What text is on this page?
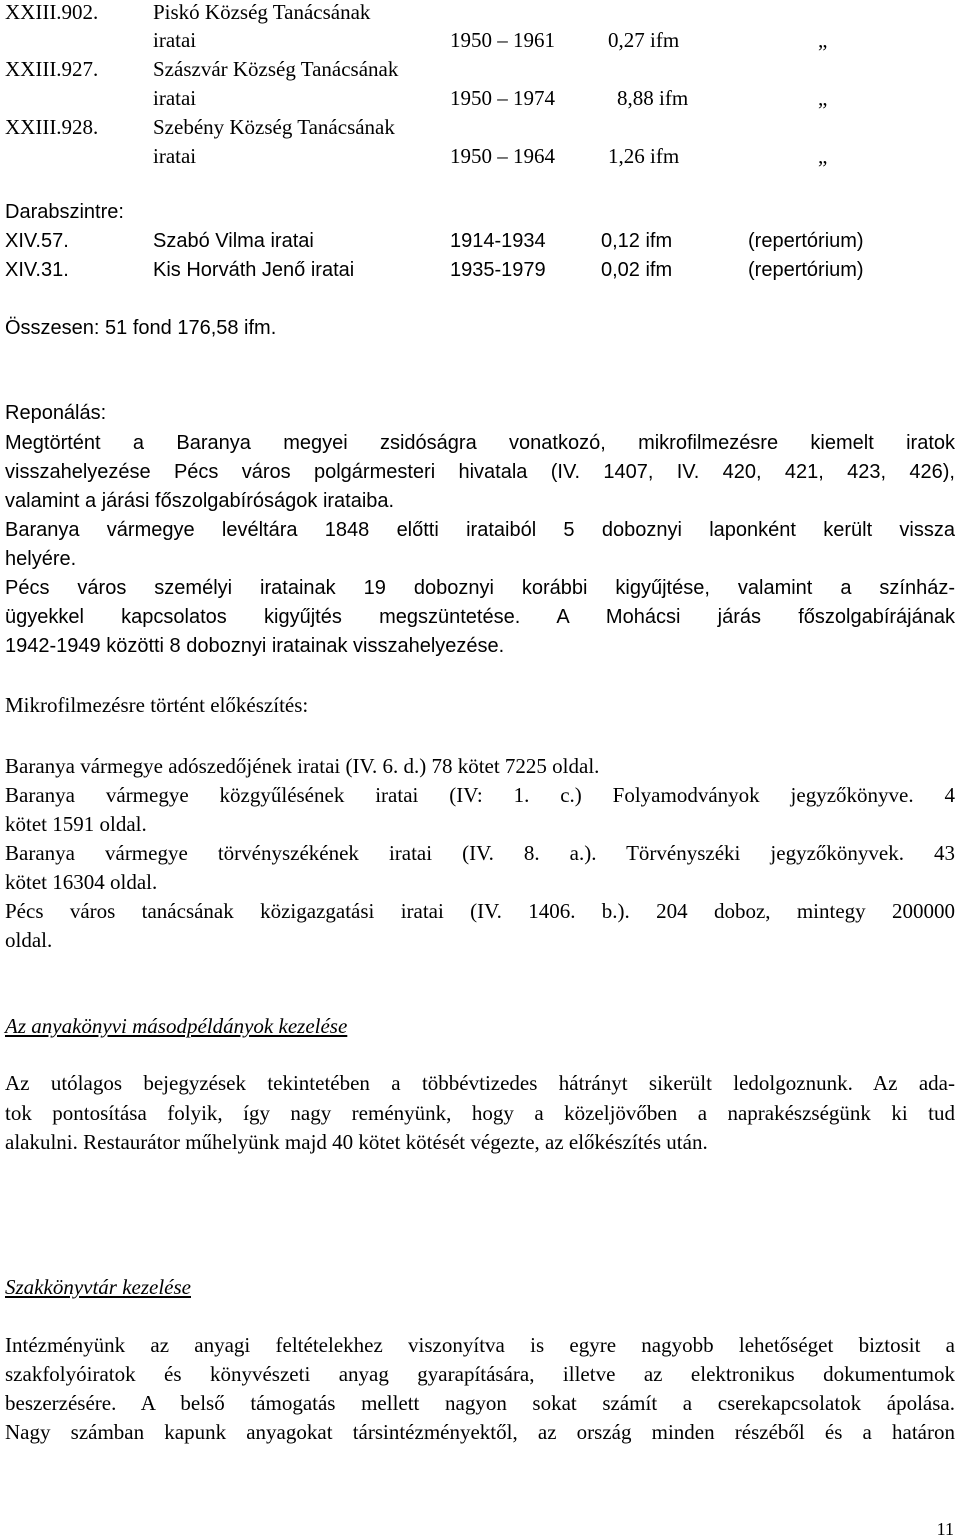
XXIII.902.	Piskó Község Tanácsának
iratai	1950 – 1961	0,27 ifm	„
XXIII.927.	Szászvár Község Tanácsának
iratai	1950 – 1974	8,88 ifm	„
XXIII.928.	Szebény Község Tanácsának
iratai	1950 – 1964	1,26 ifm	„
Darabszintre:
XIV.57.	Szabó Vilma iratai	1914-1934	0,12 ifm	(repertórium)
XIV.31.	Kis Horváth Jenő iratai	1935-1979	0,02 ifm	(repertórium)
Összesen: 51 fond 176,58 ifm.
Reponálás:
Megtörtént a Baranya megyei zsidóságra vonatkozó, mikrofilmezésre kiemelt iratok
visszahelyezése Pécs város polgármesteri hivatala (IV. 1407, IV. 420, 421, 423, 426),
valamint a járási főszolgabíróságok irataiba.
Baranya vármegye levéltára 1848 előtti irataiból 5 doboznyi laponként került vissza
helyére.
Pécs város személyi iratainak 19 doboznyi korábbi kigyűjtése, valamint a színház-
ügyekkel kapcsolatos kigyűjtés megszüntetése. A Mohácsi járás főszolgabírájának
1942-1949 közötti 8 doboznyi iratainak visszahelyezése.
Mikrofilmezésre történt előkészítés:
Baranya vármegye adószedőjének iratai (IV. 6. d.) 78 kötet 7225 oldal.
Baranya vármegye közgyűlésének iratai (IV: 1. c.) Folyamodványok jegyzőkönyve. 4
kötet 1591 oldal.
Baranya vármegye törvényszékének iratai (IV. 8. a.). Törvényszéki jegyzőkönyvek. 43
kötet 16304 oldal.
Pécs város tanácsának közigazgatási iratai (IV. 1406. b.). 204 doboz, mintegy 200000
oldal.
Az anyakönyvi másodpéldányok kezelése
Az utólagos bejegyzések tekintetében a többévtizedes hátrányt sikerült ledolgoznunk. Az ada-
tok pontosítása folyik, így nagy reményünk, hogy a közeljövőben a naprakészségünk ki tud
alakulni. Restaurátor műhelyünk majd 40 kötet kötését végezte, az előkészítés után.
Szakkönyvtár kezelése
Intézményünk az anyagi feltételekhez viszonyítva is egyre nagyobb lehetőséget biztosit a
szakfolyóiratok és könyvészeti anyag gyarapítására, illetve az elektronikus dokumentumok
beszerzésére. A belső támogatás mellett nagyon sokat számít a cserekapcsolatok ápolása.
Nagy számban kapunk anyagokat társintézményektől, az ország minden részéből és a határon
11
